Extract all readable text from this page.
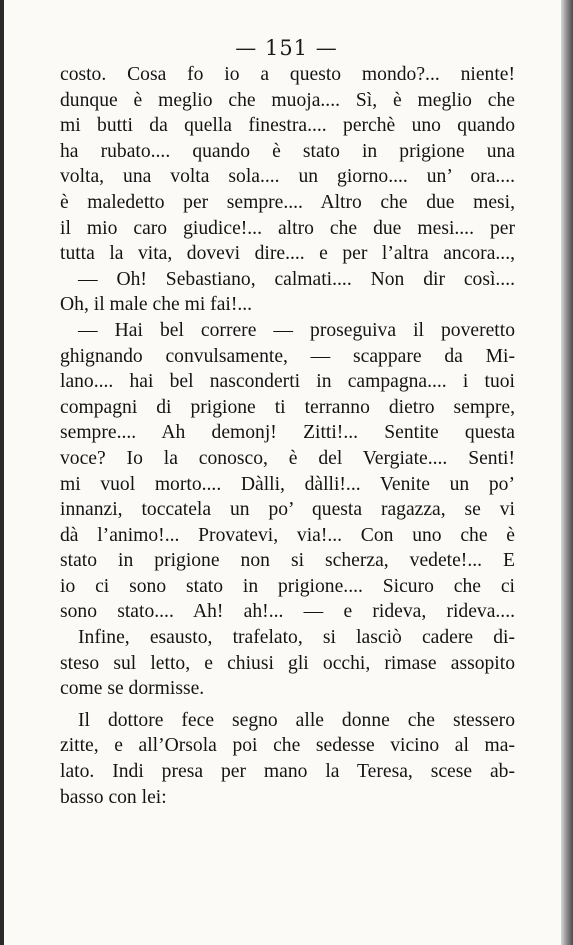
— 151 —
costo. Cosa fo io a questo mondo?... niente!
dunque è meglio che muoja.... Sì, è meglio che
mi butti da quella finestra.... perchè uno quando
ha rubato.... quando è stato in prigione una
volta, una volta sola.... un giorno.... un’ ora....
è maledetto per sempre.... Altro che due mesi,
il mio caro giudice!... altro che due mesi.... per
tutta la vita, dovevi dire.... e per l’altra ancora...,
— Oh! Sebastiano, calmati.... Non dir così....
Oh, il male che mi fai!...
— Hai bel correre — proseguiva il poveretto
ghignando convulsamente, — scappare da Mi-
lano.... hai bel nasconderti in campagna.... i tuoi
compagni di prigione ti terranno dietro sempre,
sempre.... Ah demonj! Zitti!... Sentite questa
voce? Io la conosco, è del Vergiate.... Senti!
mi vuol morto.... Dàlli, dàlli!... Venite un po’
innanzi, toccatela un po’ questa ragazza, se vi
dà l’animo!... Provatevi, via!... Con uno che è
stato in prigione non si scherza, vedete!... E
io ci sono stato in prigione.... Sicuro che ci
sono stato.... Ah! ah!... — e rideva, rideva....
Infine, esausto, trafelato, si lasciò cadere di-
steso sul letto, e chiusi gli occhi, rimase assopito
come se dormisse.
Il dottore fece segno alle donne che stessero
zitte, e all’Orsola poi che sedesse vicino al ma-
lato. Indi presa per mano la Teresa, scese ab-
basso con lei:
